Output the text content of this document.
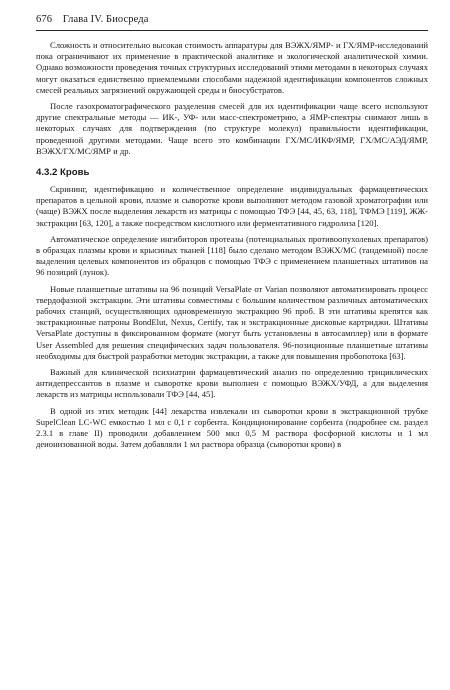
676 Глава IV. Биосреда

Сложность и относительно высокая стоимость аппаратуры для ВЭЖХ/ЯМР- и ГХ/ЯМР-исследований пока ограничивают их применение в практической аналитике и экологической аналитической химии. Однако возможности проведения точных структурных исследований этими методами в некоторых случаях могут оказаться единственно приемлемыми способами надежной идентификации компонентов сложных смесей реальных загрязнений окружающей среды и биосубстратов.

После газохроматографического разделения смесей для их идентификации чаще всего используют другие спектральные методы — ИК-, УФ- или масс-спектрометрию, а ЯМР-спектры снимают лишь в некоторых случаях для подтверждения (по структуре молекул) правильности идентификации, проведенной другими методами. Чаще всего это комбинации ГХ/МС/ИКФ/ЯМР, ГХ/МС/АЭД/ЯМР, ВЭЖХ/ГХ/МС/ЯМР и др.

4.3.2 Кровь

Скрининг, идентификацию и количественное определение индивидуальных фармацевтических препаратов в цельной крови, плазме и сыворотке крови выполняют методом газовой хроматографии или (чаще) ВЭЖХ после выделения лекарств из матрицы с помощью ТФЭ [44, 45, 63, 118], ТФМЭ [119], ЖЖ-экстракции [63, 120], а также посредством кислотного или ферментативного гидролиза [120].

Автоматическое определение ингибиторов протеазы (потенциальных противоопухолевых препаратов) в образцах плазмы крови и крысиных тканей [118] было сделано методом ВЭЖХ/МС (тандемной) после выделения целевых компонентов из образцов с помощью ТФЭ с применением планшетных штативов на 96 позиций (лунок).

Новые планшетные штативы на 96 позиций VersaPlate от Varian позволяют автоматизировать процесс твердофазной экстракции. Эти штативы совместимы с большим количеством различных автоматических рабочих станций, осуществляющих одновременную экстракцию 96 проб. В эти штативы крепятся как экстракционные патроны BondElut, Nexus, Certify, так и экстракционные дисковые картриджи. Штативы VersaPlate доступны в фиксированном формате (могут быть установлены в автосамплер) или в формате User Assembled для решения специфических задач пользователя. 96-позиционные планшетные штативы необходимы для быстрой разработки методик экстракции, а также для повышения пробопотока [63].

Важный для клинической психиатрии фармацевтический анализ по определению трициклических антидепрессантов в плазме и сыворотке крови выполнен с помощью ВЭЖХ/УФД, а для выделения лекарств из матрицы использовали ТФЭ [44, 45].

В одной из этих методик [44] лекарства извлекали из сыворотки крови в экстракционной трубке SupelClean LC-WC емкостью 1 мл с 0,1 г сорбента. Кондиционирование сорбента (подробнее см. раздел 2.3.1 в главе II) проводили добавлением 500 мкл 0,5 М раствора фосфорной кислоты и 1 мл деионизованной воды. Затем добавляли 1 мл раствора образца (сыворотки крови) в
